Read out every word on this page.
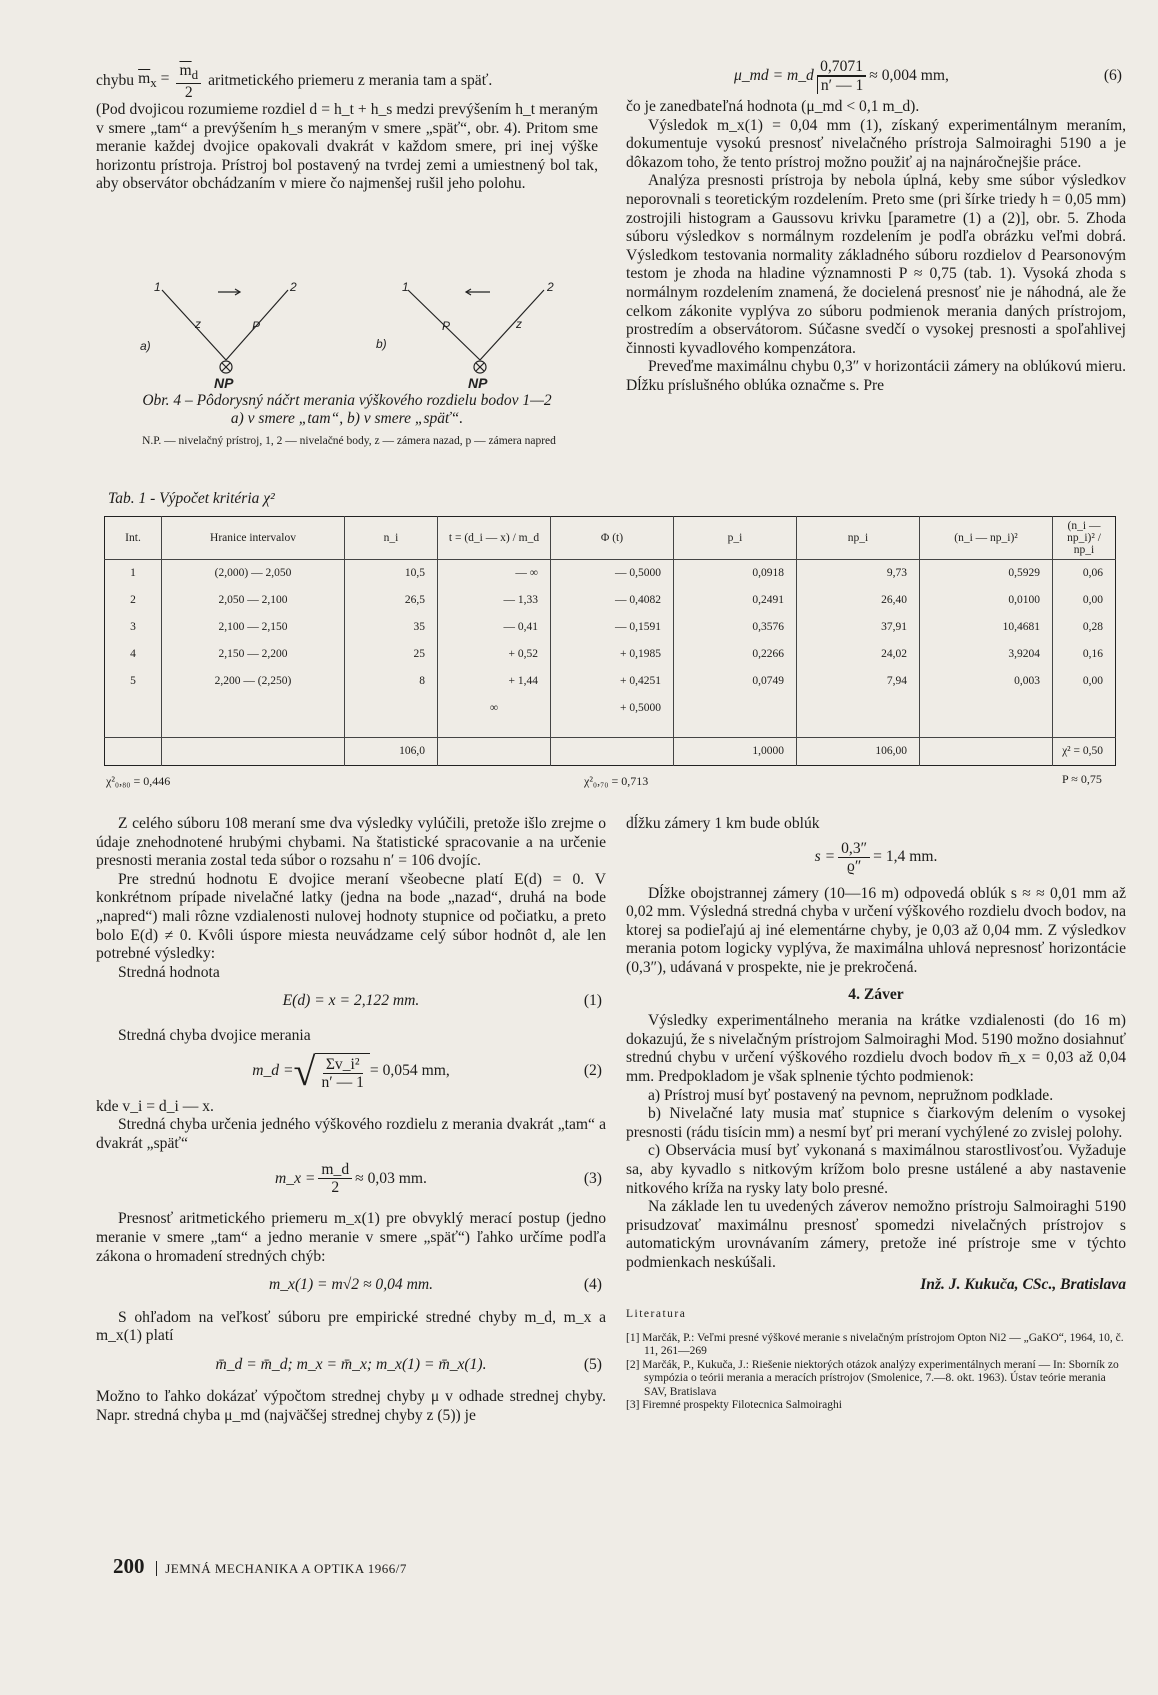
chybu $\overline{m}_x = \frac{\overline{m}_d}{2}$ aritmetického priemeru z merania tam a späť.

(Pod dvojicou rozumieme rozdiel d = h_t + h_s medzi prevýšením h_t meraným v smere „tam“ a prevýšením h_s meraným v smere „späť“, obr. 4). Pritom sme meranie každej dvojice opakovali dvakrát v každom smere, pri inej výške horizontu prístroja. Prístroj bol postavený na tvrdej zemi a umiestnený bol tak, aby observátor obchádzaním v miere čo najmenšej rušil jeho polohu.

1	2
z	P
a)
1	2
P	z
b)
NP	NP
Obr. 4 – Pôdorysný náčrt merania výškového rozdielu bodov 1—2
a) v smere „tam“, b) v smere „späť“.
N.P. — nivelačný prístroj, 1, 2 — nivelačné body, z — zámera nazad, p — zámera napred
μ_md = m_d $\frac{0,7071}{n' — 1} \approx 0,004$ mm,	(6)

čo je zanedbateľná hodnota (μ_md < 0,1 m_d).

Výsledok m_x(1) = 0,04 mm (1), získaný experimentálnym meraním, dokumentuje vysokú presnosť nivelačného prístroja Salmoiraghi 5190 a je dôkazom toho, že tento prístroj možno použiť aj na najnáročnejšie práce.

Analýza presnosti prístroja by nebola úplná, keby sme súbor výsledkov neporovnali s teoretickým rozdelením. Preto sme (pri šírke triedy h = 0,05 mm) zostrojili histogram a Gaussovu krivku [parametre (1) a (2)], obr. 5. Zhoda súboru výsledkov s normálnym rozdelením je podľa obrázku veľmi dobrá. Výsledkom testovania normality základného súboru rozdielov d Pearsonovým testom je zhoda na hladine významnosti P ≈ 0,75 (tab. 1). Vysoká zhoda s normálnym rozdelením znamená, že docielená presnosť nie je náhodná, ale že celkom zákonite vyplýva zo súboru podmienok merania daných prístrojom, prostredím a observátorom. Súčasne svedčí o vysokej presnosti a spoľahlivej činnosti kyvadlového kompenzátora.

Preveďme maximálnu chybu 0,3″ v horizontácii zámery na oblúkovú mieru. Dĺžku príslušného oblúka označme s. Pre

Tab. 1 - Výpočet kritéria χ²
Int.	Hranice intervalov	n_i	t = (d_i — x) / m_d	Φ (t)	p_i	np_i	(n_i — np_i)²	(n_i — np_i)² / np_i
1	(2,000) — 2,050	10,5	— ∞	— 0,5000	0,0918	9,73	0,5929	0,06
2	2,050 — 2,100	26,5	— 1,33	— 0,4082	0,2491	26,40	0,0100	0,00
3	2,100 — 2,150	35	— 0,41	— 0,1591	0,3576	37,91	10,4681	0,28
4	2,150 — 2,200	25	+ 0,52	+ 0,1985	0,2266	24,02	3,9204	0,16
5	2,200 — (2,250)	8	+ 1,44	+ 0,4251	0,0749	7,94	0,003	0,00
			∞	+ 0,5000				

		106,0			1,0000	106,00		χ² = 0,50
χ²₀,₈₀ = 0,446	χ²₀,₇₀ = 0,713	P ≈ 0,75

Z celého súboru 108 meraní sme dva výsledky vylúčili, pretože išlo zrejme o údaje znehodnotené hrubými chybami. Na štatistické spracovanie a na určenie presnosti merania zostal teda súbor o rozsahu n′ = 106 dvojíc.

Pre strednú hodnotu E dvojice meraní všeobecne platí E(d) = 0. V konkrétnom prípade nivelačné latky (jedna na bode „nazad“, druhá na bode „napred“) mali rôzne vzdialenosti nulovej hodnoty stupnice od počiatku, a preto bolo E(d) ≠ 0. Kvôli úspore miesta neuvádzame celý súbor hodnôt d, ale len potrebné výsledky:

Stredná hodnota

E(d) = x = 2,122 mm.	(1)

Stredná chyba dvojice merania

m_d = √ $\frac{\text{Σv\_i²}}{n' — 1} = 0,054$ mm,	(2)

kde v_i = d_i — x.

Stredná chyba určenia jedného výškového rozdielu z merania dvakrát „tam“ a dvakrát „späť“

m_x = $\frac{m\_d}{2} \approx 0,03$ mm.	(3)

Presnosť aritmetického priemeru m_x(1) pre obvyklý merací postup (jedno meranie v smere „tam“ a jedno meranie v smere „späť“) ľahko určíme podľa zákona o hromadení stredných chýb:

m_x(1) = m√2 ≈ 0,04 mm.	(4)

S ohľadom na veľkosť súboru pre empirické stredné chyby m_d, m_x a m_x(1) platí

m̄_d = m̄_d; m_x = m̄_x; m_x(1) = m̄_x(1).	(5)

Možno to ľahko dokázať výpočtom strednej chyby μ v odhade strednej chyby. Napr. stredná chyba μ_md (najväčšej strednej chyby z (5)) je

dĺžku zámery 1 km bude oblúk

$s = \frac{0,3''}{ϱ''} = 1,4$ mm.

Dĺžke obojstrannej zámery (10—16 m) odpovedá oblúk s ≈ ≈ 0,01 mm až 0,02 mm. Výsledná stredná chyba v určení výškového rozdielu dvoch bodov, na ktorej sa podieľajú aj iné elementárne chyby, je 0,03 až 0,04 mm. Z výsledkov merania potom logicky vyplýva, že maximálna uhlová nepresnosť horizontácie (0,3″), udávaná v prospekte, nie je prekročená.

4. Záver

Výsledky experimentálneho merania na krátke vzdialenosti (do 16 m) dokazujú, že s nivelačným prístrojom Salmoiraghi Mod. 5190 možno dosiahnuť strednú chybu v určení výškového rozdielu dvoch bodov m̄_x = 0,03 až 0,04 mm. Predpokladom je však splnenie týchto podmienok:

a) Prístroj musí byť postavený na pevnom, nepružnom podklade.

b) Nivelačné laty musia mať stupnice s čiarkovým delením o vysokej presnosti (rádu tisícin mm) a nesmí byť pri meraní vychýlené zo zvislej polohy.

c) Observácia musí byť vykonaná s maximálnou starostlivosťou. Vyžaduje sa, aby kyvadlo s nitkovým krížom bolo presne ustálené a aby nastavenie nitkového kríža na rysky laty bolo presné.

Na základe len tu uvedených záverov nemožno prístroju Salmoiraghi 5190 prisudzovať maximálnu presnosť spomedzi nivelačných prístrojov s automatickým urovnávaním zámery, pretože iné prístroje sme v týchto podmienkach neskúšali.

Inž. J. Kukuča, CSc., Bratislava
Literatura

[1] Marčák, P.: Veľmi presné výškové meranie s nivelačným prístrojom Opton Ni2 — „GaKO“, 1964, 10, č. 11, 261—269

[2] Marčák, P., Kukuča, J.: Riešenie niektorých otázok analýzy experimentálnych meraní — In: Sborník zo sympózia o teórii merania a meracích prístrojov (Smolenice, 7.—8. okt. 1963). Ústav teórie merania SAV, Bratislava

[3] Firemné prospekty Filotecnica Salmoiraghi

200 JEMNÁ MECHANIKA A OPTIKA 1966/7
